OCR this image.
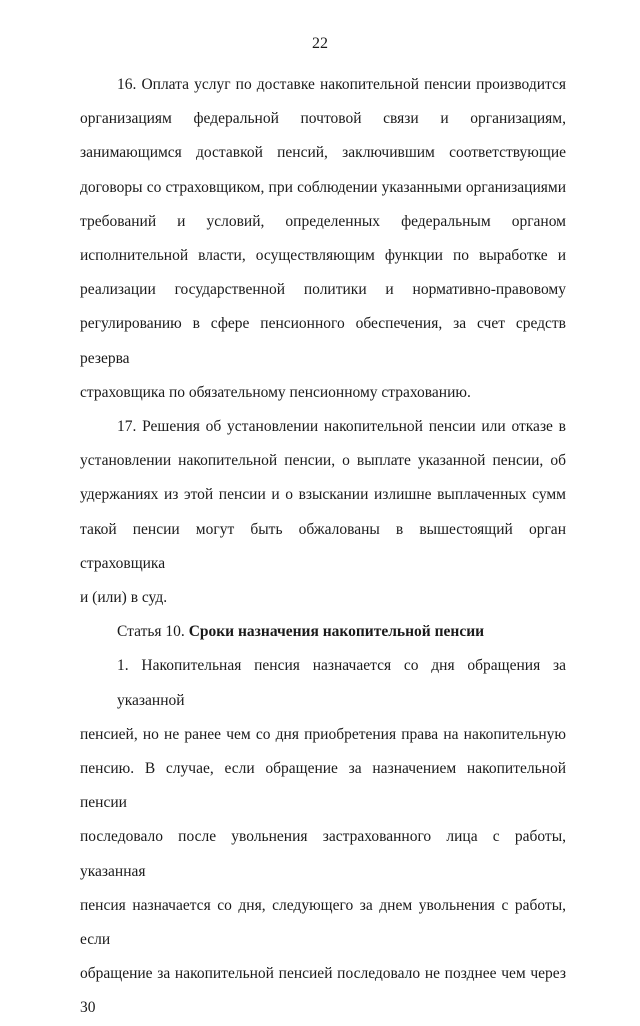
22
16. Оплата услуг по доставке накопительной пенсии производится
организациям федеральной почтовой связи и организациям,
занимающимся доставкой пенсий, заключившим соответствующие
договоры со страховщиком, при соблюдении указанными организациями
требований и условий, определенных федеральным органом
исполнительной власти, осуществляющим функции по выработке и
реализации государственной политики и нормативно-правовому
регулированию в сфере пенсионного обеспечения, за счет средств резерва
страховщика по обязательному пенсионному страхованию.
17. Решения об установлении накопительной пенсии или отказе в
установлении накопительной пенсии, о выплате указанной пенсии, об
удержаниях из этой пенсии и о взыскании излишне выплаченных сумм
такой пенсии могут быть обжалованы в вышестоящий орган страховщика
и (или) в суд.
Статья 10. Сроки назначения накопительной пенсии
1. Накопительная пенсия назначается со дня обращения за указанной
пенсией, но не ранее чем со дня приобретения права на накопительную
пенсию. В случае, если обращение за назначением накопительной пенсии
последовало после увольнения застрахованного лица с работы, указанная
пенсия назначается со дня, следующего за днем увольнения с работы, если
обращение за накопительной пенсией последовало не позднее чем через 30
